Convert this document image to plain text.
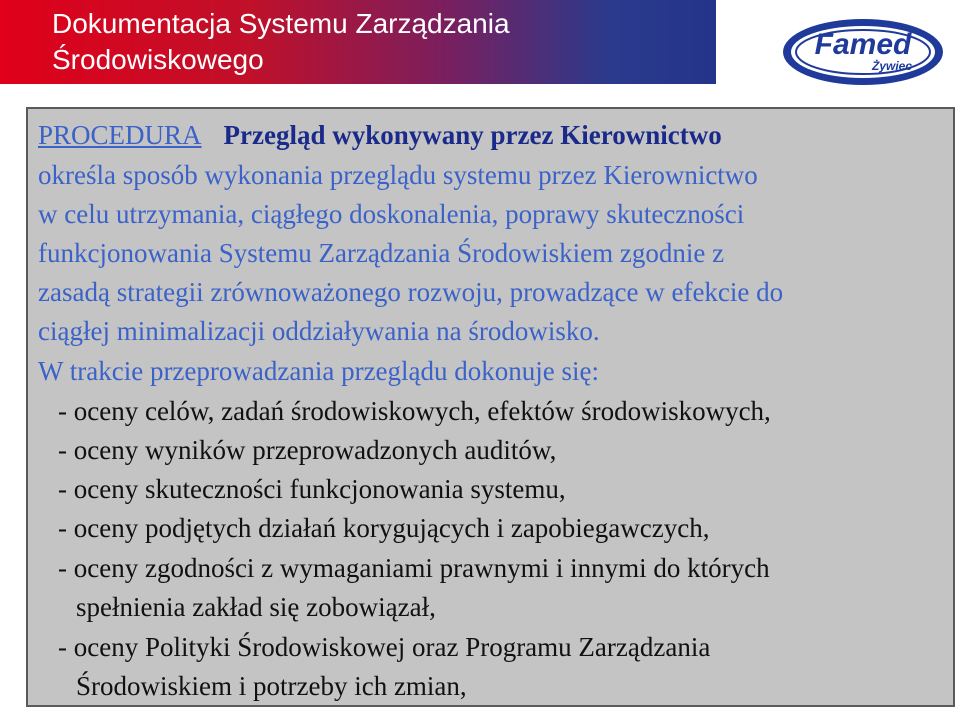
Dokumentacja Systemu Zarządzania
Środowiskowego	Famed
Żywiec
PROCEDURA Przegląd wykonywany przez Kierownictwo
określa sposób wykonania przeglądu systemu przez Kierownictwo
w celu utrzymania, ciągłego doskonalenia, poprawy skuteczności
funkcjonowania Systemu Zarządzania Środowiskiem zgodnie z
zasadą strategii zrównoważonego rozwoju, prowadzące w efekcie do
ciągłej minimalizacji oddziaływania na środowisko.
W trakcie przeprowadzania przeglądu dokonuje się:
- oceny celów, zadań środowiskowych, efektów środowiskowych,
- oceny wyników przeprowadzonych auditów,
- oceny skuteczności funkcjonowania systemu,
- oceny podjętych działań korygujących i zapobiegawczych,
- oceny zgodności z wymaganiami prawnymi i innymi do których
spełnienia zakład się zobowiązał,
- oceny Polityki Środowiskowej oraz Programu Zarządzania
Środowiskiem i potrzeby ich zmian,
